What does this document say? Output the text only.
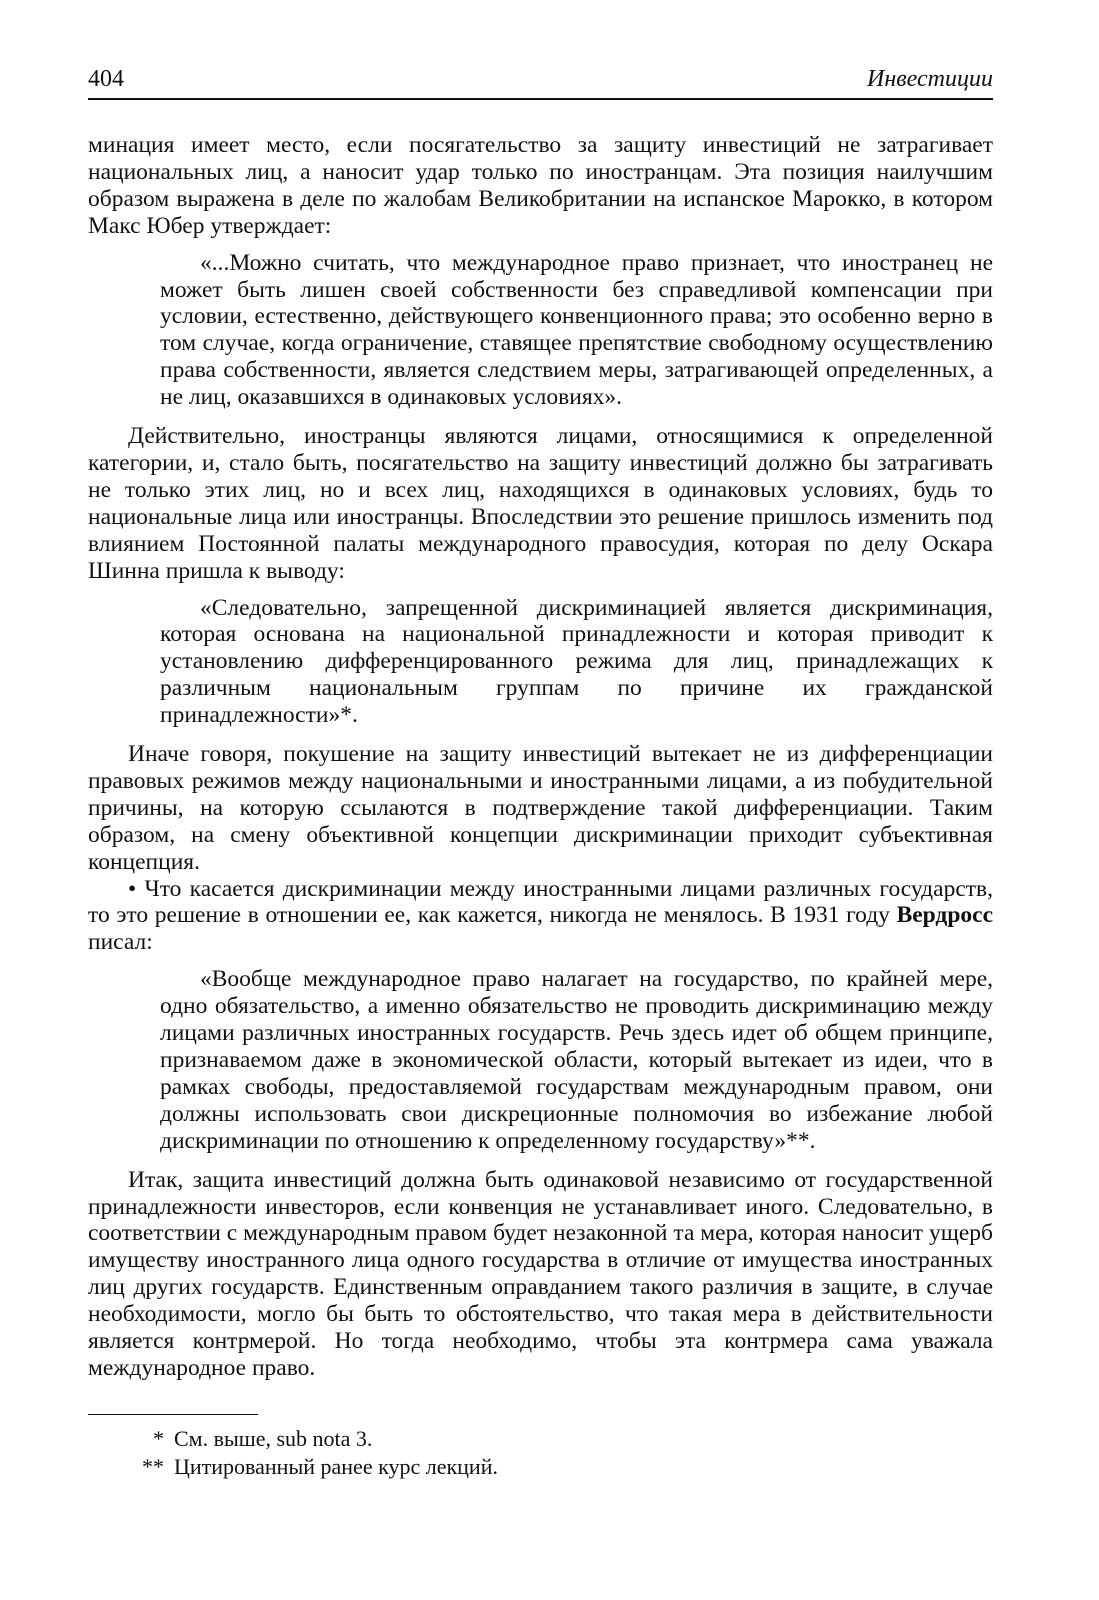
404	Инвестиции

минация имеет место, если посягательство за защиту инвестиций не затрагивает национальных лиц, а наносит удар только по иностранцам. Эта позиция наилучшим образом выражена в деле по жалобам Великобритании на испанское Марокко, в котором Макс Юбер утверждает:

«...Можно считать, что международное право признает, что иностранец не может быть лишен своей собственности без справедливой компенсации при условии, естественно, действующего конвенционного права; это особенно верно в том случае, когда ограничение, ставящее препятствие свободному осуществлению права собственности, является следствием меры, затрагивающей определенных, а не лиц, оказавшихся в одинаковых условиях».

Действительно, иностранцы являются лицами, относящимися к определенной категории, и, стало быть, посягательство на защиту инвестиций должно бы затрагивать не только этих лиц, но и всех лиц, находящихся в одинаковых условиях, будь то национальные лица или иностранцы. Впоследствии это решение пришлось изменить под влиянием Постоянной палаты международного правосудия, которая по делу Оскара Шинна пришла к выводу:

«Следовательно, запрещенной дискриминацией является дискриминация, которая основана на национальной принадлежности и которая приводит к установлению дифференцированного режима для лиц, принадлежащих к различным национальным группам по причине их гражданской принадлежности»*.

Иначе говоря, покушение на защиту инвестиций вытекает не из дифференциации правовых режимов между национальными и иностранными лицами, а из побудительной причины, на которую ссылаются в подтверждение такой дифференциации. Таким образом, на смену объективной концепции дискриминации приходит субъективная концепция.

• Что касается дискриминации между иностранными лицами различных государств, то это решение в отношении ее, как кажется, никогда не менялось. В 1931 году Вердросс писал:

«Вообще международное право налагает на государство, по крайней мере, одно обязательство, а именно обязательство не проводить дискриминацию между лицами различных иностранных государств. Речь здесь идет об общем принципе, признаваемом даже в экономической области, который вытекает из идеи, что в рамках свободы, предоставляемой государствам международным правом, они должны использовать свои дискреционные полномочия во избежание любой дискриминации по отношению к определенному государству»**.

Итак, защита инвестиций должна быть одинаковой независимо от государственной принадлежности инвесторов, если конвенция не устанавливает иного. Следовательно, в соответствии с международным правом будет незаконной та мера, которая наносит ущерб имуществу иностранного лица одного государства в отличие от имущества иностранных лиц других государств. Единственным оправданием такого различия в защите, в случае необходимости, могло бы быть то обстоятельство, что такая мера в действительности является контрмерой. Но тогда необходимо, чтобы эта контрмера сама уважала международное право.

* См. выше, sub nota 3.
** Цитированный ранее курс лекций.
